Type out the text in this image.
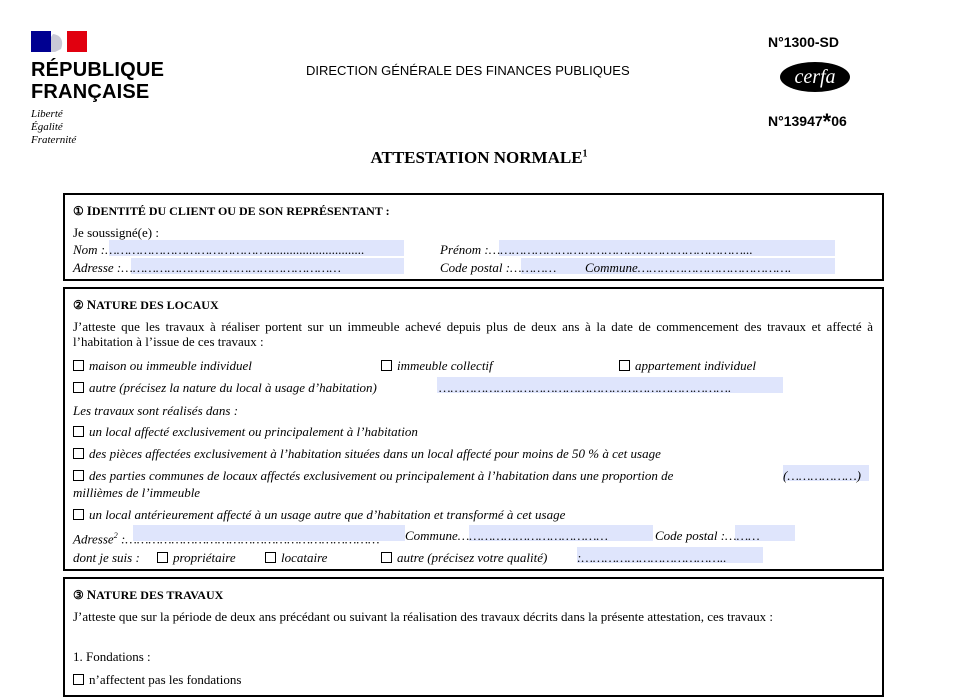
RÉPUBLIQUE
FRANÇAISE
Liberté
Égalité
Fraternité
DIRECTION GÉNÉRALE DES FINANCES PUBLIQUES
N°1300-SD
cerfa
N°13947*06
ATTESTATION NORMALE$^1$
① IDENTITÉ DU CLIENT OU DE SON REPRÉSENTANT :
Je soussigné(e) :
Nom :……………………………………..............................	Prénom :…………………………………………………………...
Adresse :…………………………………………………	Code postal :………… Commune………………………………….
② NATURE DES LOCAUX
J’atteste que les travaux à réaliser portent sur un immeuble achevé depuis plus de deux ans à la date de commencement des travaux et affecté à l’habitation à l’issue de ces travaux :
maison ou immeuble individuel	immeuble collectif	appartement individuel
autre (précisez la nature du local à usage d’habitation)	………………………………………………………………….
Les travaux sont réalisés dans :
un local affecté exclusivement ou principalement à l’habitation
des pièces affectées exclusivement à l’habitation situées dans un local affecté pour moins de 50 % à cet usage
des parties communes de locaux affectés exclusivement ou principalement à l’habitation dans une proportion de	(………………)
millièmes de l’immeuble
un local antérieurement affecté à un usage autre que d’habitation et transformé à cet usage
Adresse$^2$ :………………………………………………………… Commune…………………………………	Code postal :………
dont je suis :	propriétaire	locataire	autre (précisez votre qualité) :………………………………..
③ NATURE DES TRAVAUX
J’atteste que sur la période de deux ans précédant ou suivant la réalisation des travaux décrits dans la présente attestation, ces travaux :
1. Fondations :
n’affectent pas les fondations
